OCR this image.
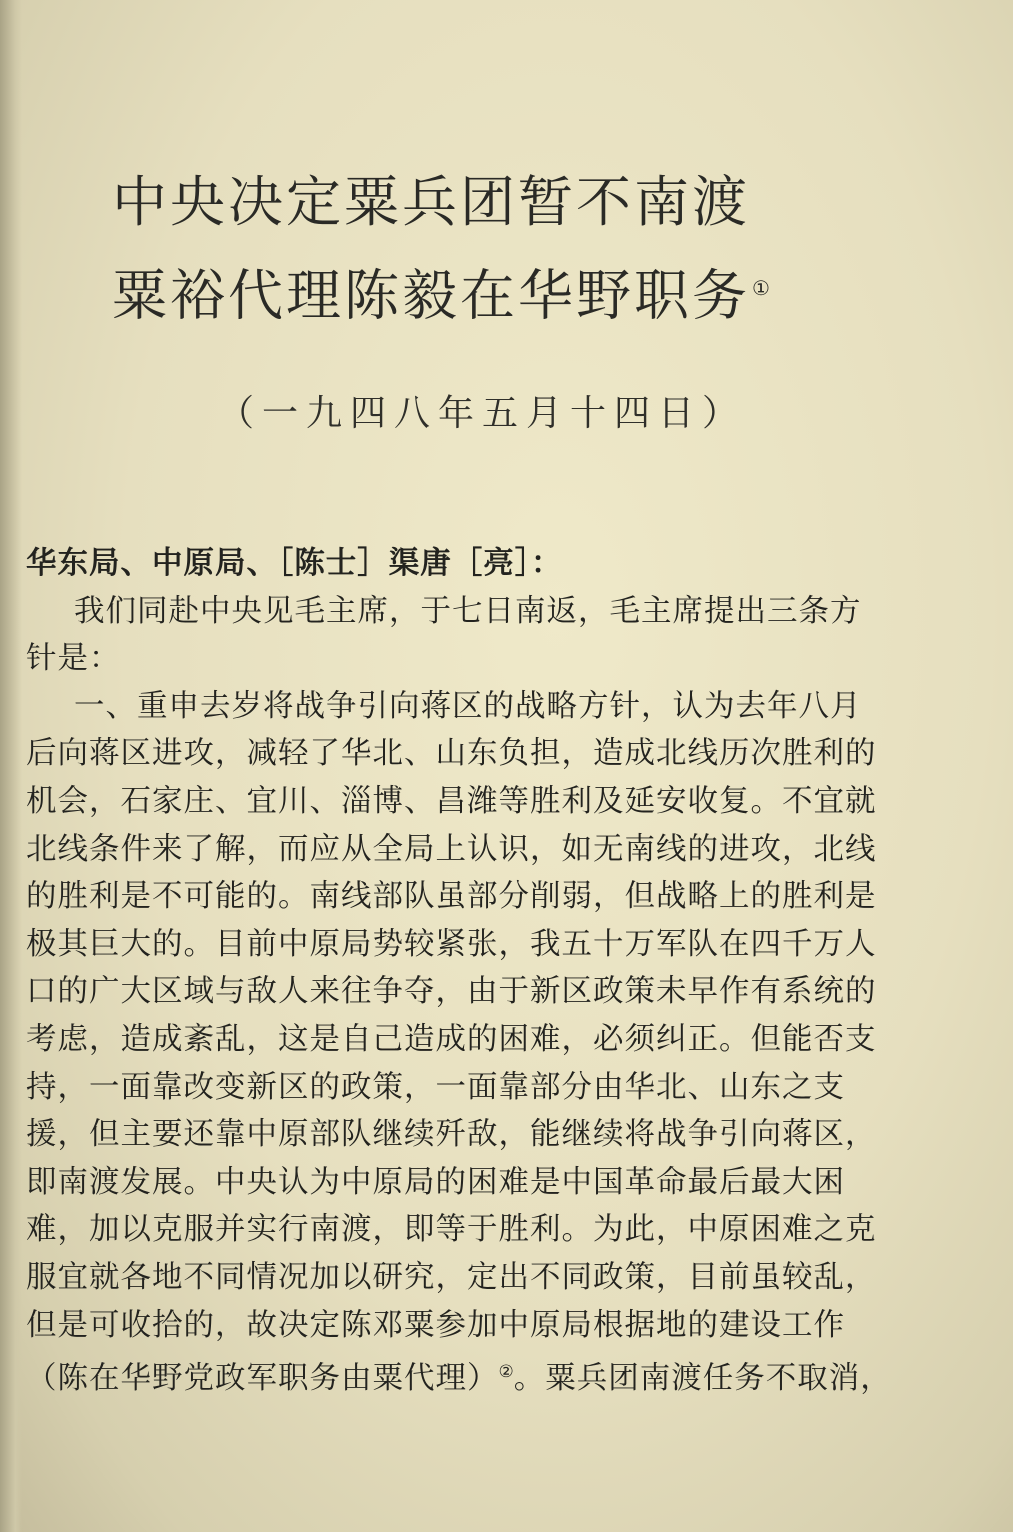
中央决定粟兵团暂不南渡
粟裕代理陈毅在华野职务 ①
（一九四八年五月十四日）
华东局、中原局、［陈士］渠唐［亮］：
我们同赴中央见毛主席，于七日南返，毛主席提出三条方
针是：
一、重申去岁将战争引向蒋区的战略方针，认为去年八月
后向蒋区进攻，减轻了华北、山东负担，造成北线历次胜利的
机会，石家庄、宜川、淄博、昌潍等胜利及延安收复。不宜就
北线条件来了解，而应从全局上认识，如无南线的进攻，北线
的胜利是不可能的。南线部队虽部分削弱，但战略上的胜利是
极其巨大的。目前中原局势较紧张，我五十万军队在四千万人
口的广大区域与敌人来往争夺，由于新区政策未早作有系统的
考虑，造成紊乱，这是自己造成的困难，必须纠正。但能否支
持，一面靠改变新区的政策，一面靠部分由华北、山东之支
援，但主要还靠中原部队继续歼敌，能继续将战争引向蒋区，
即南渡发展。中央认为中原局的困难是中国革命最后最大困
难，加以克服并实行南渡，即等于胜利。为此，中原困难之克
服宜就各地不同情况加以研究，定出不同政策，目前虽较乱，
但是可收拾的，故决定陈邓粟参加中原局根据地的建设工作
（陈在华野党政军职务由粟代理）②。粟兵团南渡任务不取消，
